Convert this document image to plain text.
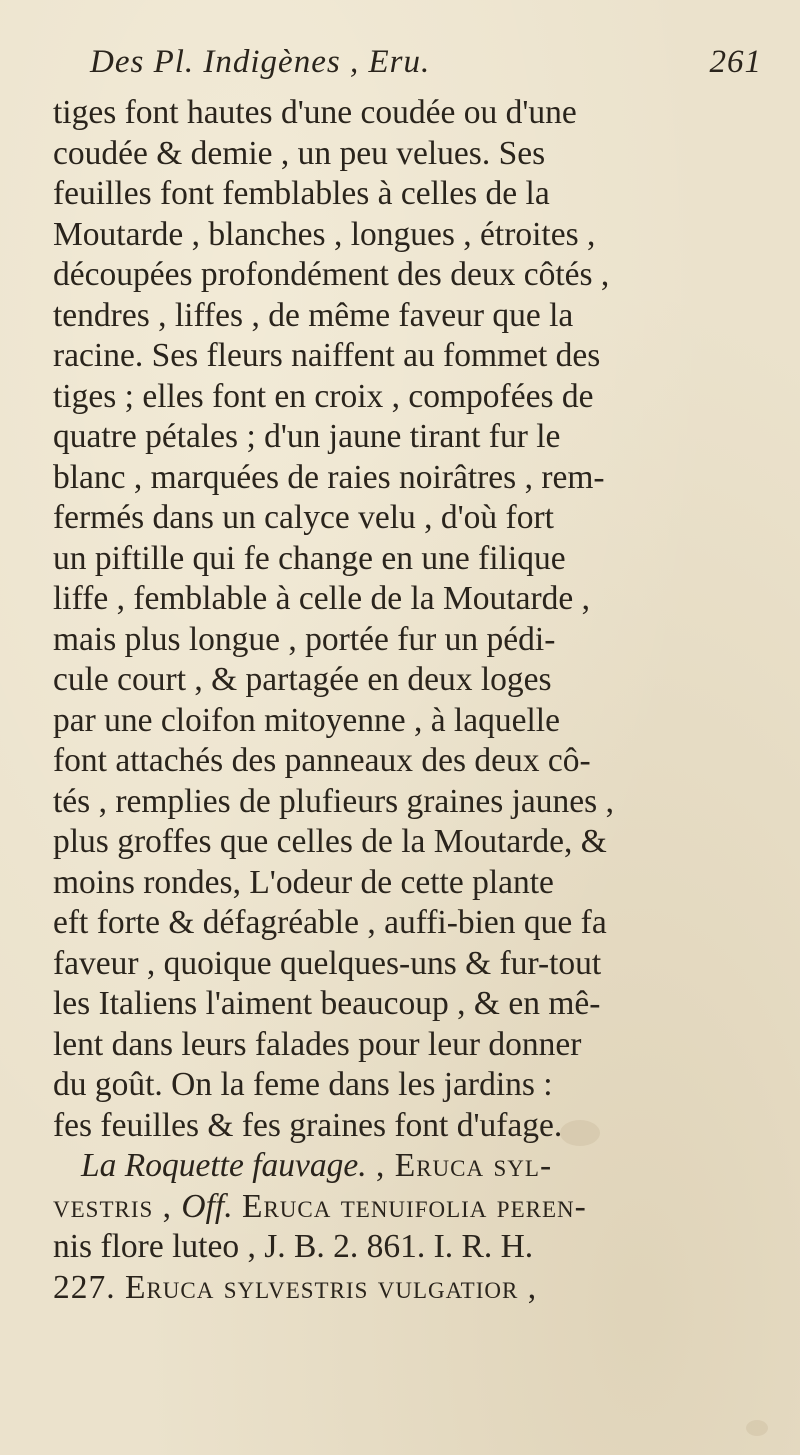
Des Pl. Indigènes , Eru.	261
tiges font hautes d'une coudée ou d'une
coudée & demie , un peu velues. Ses
feuilles font femblables à celles de la
Moutarde , blanches , longues , étroites ,
découpées profondément des deux côtés ,
tendres , liffes , de même faveur que la
racine. Ses fleurs naiffent au fommet des
tiges ; elles font en croix , compofées de
quatre pétales ; d'un jaune tirant fur le
blanc , marquées de raies noirâtres , rem-
fermés dans un calyce velu , d'où fort
un piftille qui fe change en une filique
liffe , femblable à celle de la Moutarde ,
mais plus longue , portée fur un pédi-
cule court , & partagée en deux loges
par une cloifon mitoyenne , à laquelle
font attachés des panneaux des deux cô-
tés , remplies de plufieurs graines jaunes ,
plus groffes que celles de la Moutarde, &
moins rondes, L'odeur de cette plante
eft forte & défagréable , auffi-bien que fa
faveur , quoique quelques-uns & fur-tout
les Italiens l'aiment beaucoup , & en mê-
lent dans leurs falades pour leur donner
du goût. On la feme dans les jardins :
fes feuilles & fes graines font d'ufage.
La Roquette fauvage. , Eruca syl-
vestris , Off. Eruca tenuifolia peren-
nis flore luteo , J. B. 2. 861. I. R. H.
227. Eruca sylvestris vulgatior ,
